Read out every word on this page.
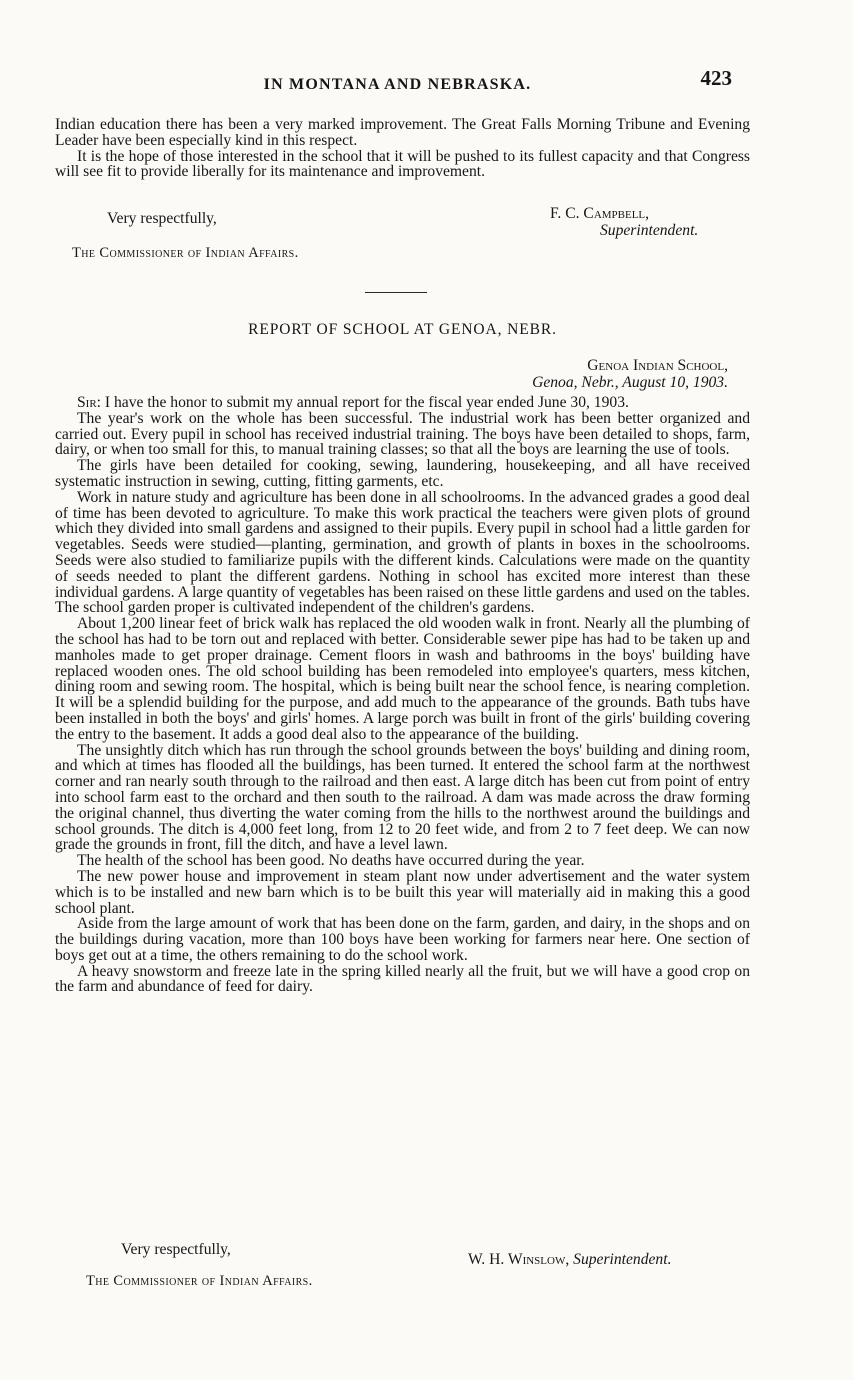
IN MONTANA AND NEBRASKA.	423

Indian education there has been a very marked improvement. The Great Falls Morning Tribune and Evening Leader have been especially kind in this respect.

It is the hope of those interested in the school that it will be pushed to its fullest capacity and that Congress will see fit to provide liberally for its maintenance and improvement.

Very respectfully,	F. C. Campbell,
Superintendent.
The Commissioner of Indian Affairs.
REPORT OF SCHOOL AT GENOA, NEBR.
Genoa Indian School,
Genoa, Nebr., August 10, 1903.

Sir: I have the honor to submit my annual report for the fiscal year ended June 30, 1903.

The year's work on the whole has been successful. The industrial work has been better organized and carried out. Every pupil in school has received industrial training. The boys have been detailed to shops, farm, dairy, or when too small for this, to manual training classes; so that all the boys are learning the use of tools.

The girls have been detailed for cooking, sewing, laundering, housekeeping, and all have received systematic instruction in sewing, cutting, fitting garments, etc.

Work in nature study and agriculture has been done in all schoolrooms. In the advanced grades a good deal of time has been devoted to agriculture. To make this work practical the teachers were given plots of ground which they divided into small gardens and assigned to their pupils. Every pupil in school had a little garden for vegetables. Seeds were studied—planting, germination, and growth of plants in boxes in the schoolrooms. Seeds were also studied to familiarize pupils with the different kinds. Calculations were made on the quantity of seeds needed to plant the different gardens. Nothing in school has excited more interest than these individual gardens. A large quantity of vegetables has been raised on these little gardens and used on the tables. The school garden proper is cultivated independent of the children's gardens.

About 1,200 linear feet of brick walk has replaced the old wooden walk in front. Nearly all the plumbing of the school has had to be torn out and replaced with better. Considerable sewer pipe has had to be taken up and manholes made to get proper drainage. Cement floors in wash and bathrooms in the boys' building have replaced wooden ones. The old school building has been remodeled into employee's quarters, mess kitchen, dining room and sewing room. The hospital, which is being built near the school fence, is nearing completion. It will be a splendid building for the purpose, and add much to the appearance of the grounds. Bath tubs have been installed in both the boys' and girls' homes. A large porch was built in front of the girls' building covering the entry to the basement. It adds a good deal also to the appearance of the building.

The unsightly ditch which has run through the school grounds between the boys' building and dining room, and which at times has flooded all the buildings, has been turned. It entered the school farm at the northwest corner and ran nearly south through to the railroad and then east. A large ditch has been cut from point of entry into school farm east to the orchard and then south to the railroad. A dam was made across the draw forming the original channel, thus diverting the water coming from the hills to the northwest around the buildings and school grounds. The ditch is 4,000 feet long, from 12 to 20 feet wide, and from 2 to 7 feet deep. We can now grade the grounds in front, fill the ditch, and have a level lawn.

The health of the school has been good. No deaths have occurred during the year.

The new power house and improvement in steam plant now under advertisement and the water system which is to be installed and new barn which is to be built this year will materially aid in making this a good school plant.

Aside from the large amount of work that has been done on the farm, garden, and dairy, in the shops and on the buildings during vacation, more than 100 boys have been working for farmers near here. One section of boys get out at a time, the others remaining to do the school work.

A heavy snowstorm and freeze late in the spring killed nearly all the fruit, but we will have a good crop on the farm and abundance of feed for dairy.

Very respectfully,
W. H. Winslow, Superintendent.
The Commissioner of Indian Affairs.
